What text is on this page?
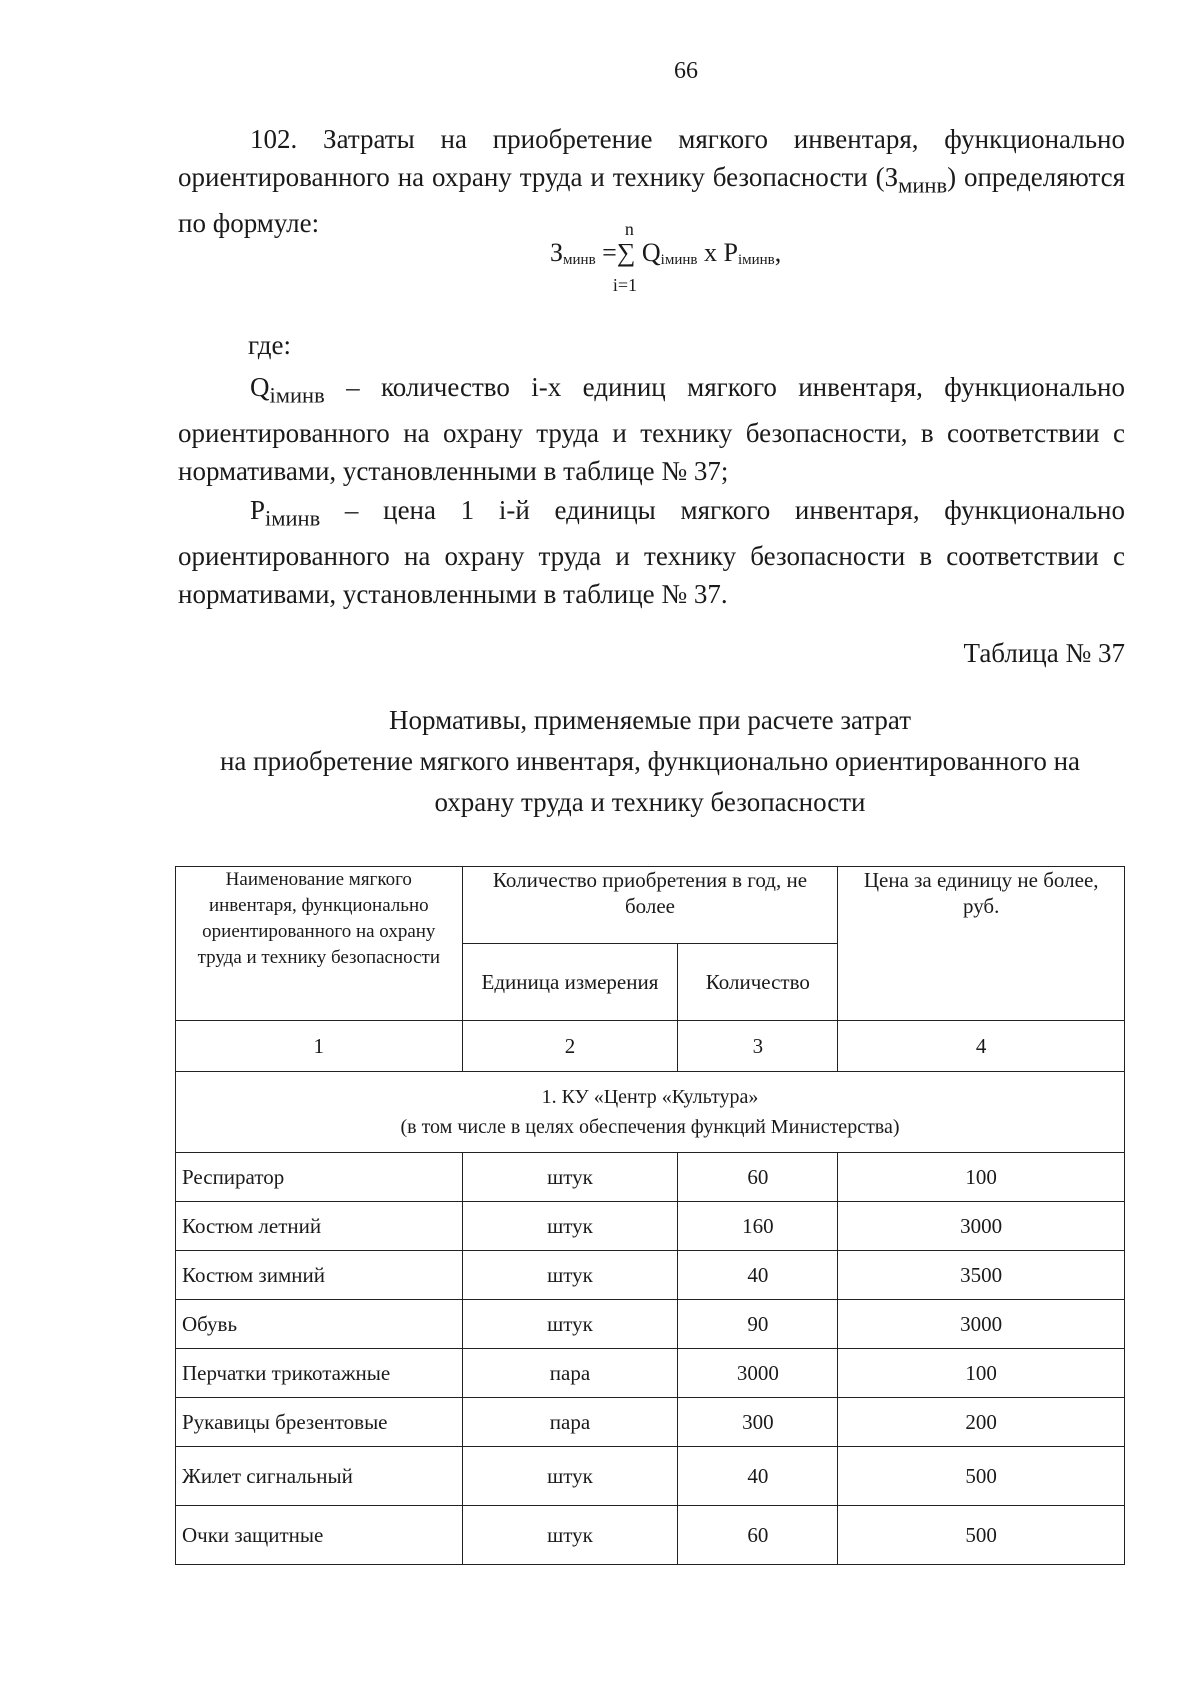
66
102. Затраты на приобретение мягкого инвентаря, функционально ориентированного на охрану труда и технику безопасности $(З_{минв})$ определяются по формуле:
$З_{минв}$ =
n
∑
i=1
$Q_{iминв}$ x $P_{iминв}$,
где:
$Q_{iминв}$ – количество i-х единиц мягкого инвентаря, функционально ориентированного на охрану труда и технику безопасности, в соответствии с нормативами, установленными в таблице № 37;
$P_{iминв}$ – цена 1 i-й единицы мягкого инвентаря, функционально ориентированного на охрану труда и технику безопасности в соответствии с нормативами, установленными в таблице № 37.
Таблица № 37
Нормативы, применяемые при расчете затрат
на приобретение мягкого инвентаря, функционально ориентированного на
охрану труда и технику безопасности
Наименование мягкого инвентаря, функционально ориентированного на охрану труда и технику безопасности	Количество приобретения в год, не более		Цена за единицу не более, руб.
	Единица измерения	Количество	
1	2	3	4

1. КУ «Центр «Культура»
(в том числе в целях обеспечения функций Министерства)			

Респиратор	штук	60	100
Костюм летний	штук	160	3000
Костюм зимний	штук	40	3500
Обувь	штук	90	3000
Перчатки трикотажные	пара	3000	100
Рукавицы брезентовые	пара	300	200
Жилет сигнальный	штук	40	500
Очки защитные	штук	60	500
